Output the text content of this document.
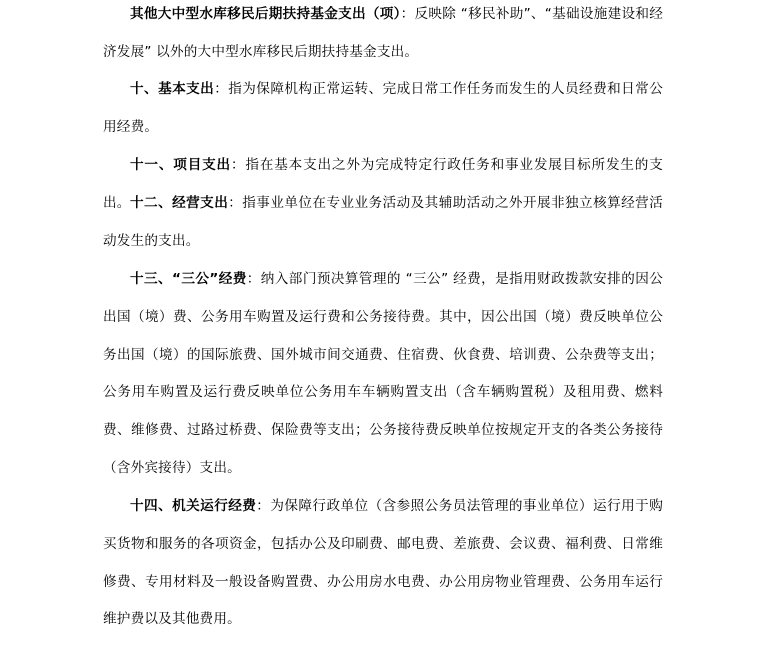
其他大中型水库移民后期扶持基金支出（项）：反映除 “移民补助”、“基础设施建设和经济发展” 以外的大中型水库移民后期扶持基金支出。

十、基本支出：指为保障机构正常运转、完成日常工作任务而发生的人员经费和日常公用经费。

十一、项目支出：指在基本支出之外为完成特定行政任务和事业发展目标所发生的支出。 十二、经营支出：指事业单位在专业业务活动及其辅助活动之外开展非独立核算经营活动发生的支出。

十三、“三公”经费：纳入部门预决算管理的 “三公” 经费，是指用财政拨款安排的因公出国（境）费、公务用车购置及运行费和公务接待费。其中，因公出国（境）费反映单位公务出国（境）的国际旅费、国外城市间交通费、住宿费、伙食费、培训费、公杂费等支出；公务用车购置及运行费反映单位公务用车车辆购置支出（含车辆购置税）及租用费、燃料费、维修费、过路过桥费、保险费等支出；公务接待费反映单位按规定开支的各类公务接待（含外宾接待）支出。

十四、机关运行经费：为保障行政单位（含参照公务员法管理的事业单位）运行用于购买货物和服务的各项资金，包括办公及印刷费、邮电费、差旅费、会议费、福利费、日常维修费、专用材料及一般设备购置费、办公用房水电费、办公用房物业管理费、公务用车运行维护费以及其他费用。
